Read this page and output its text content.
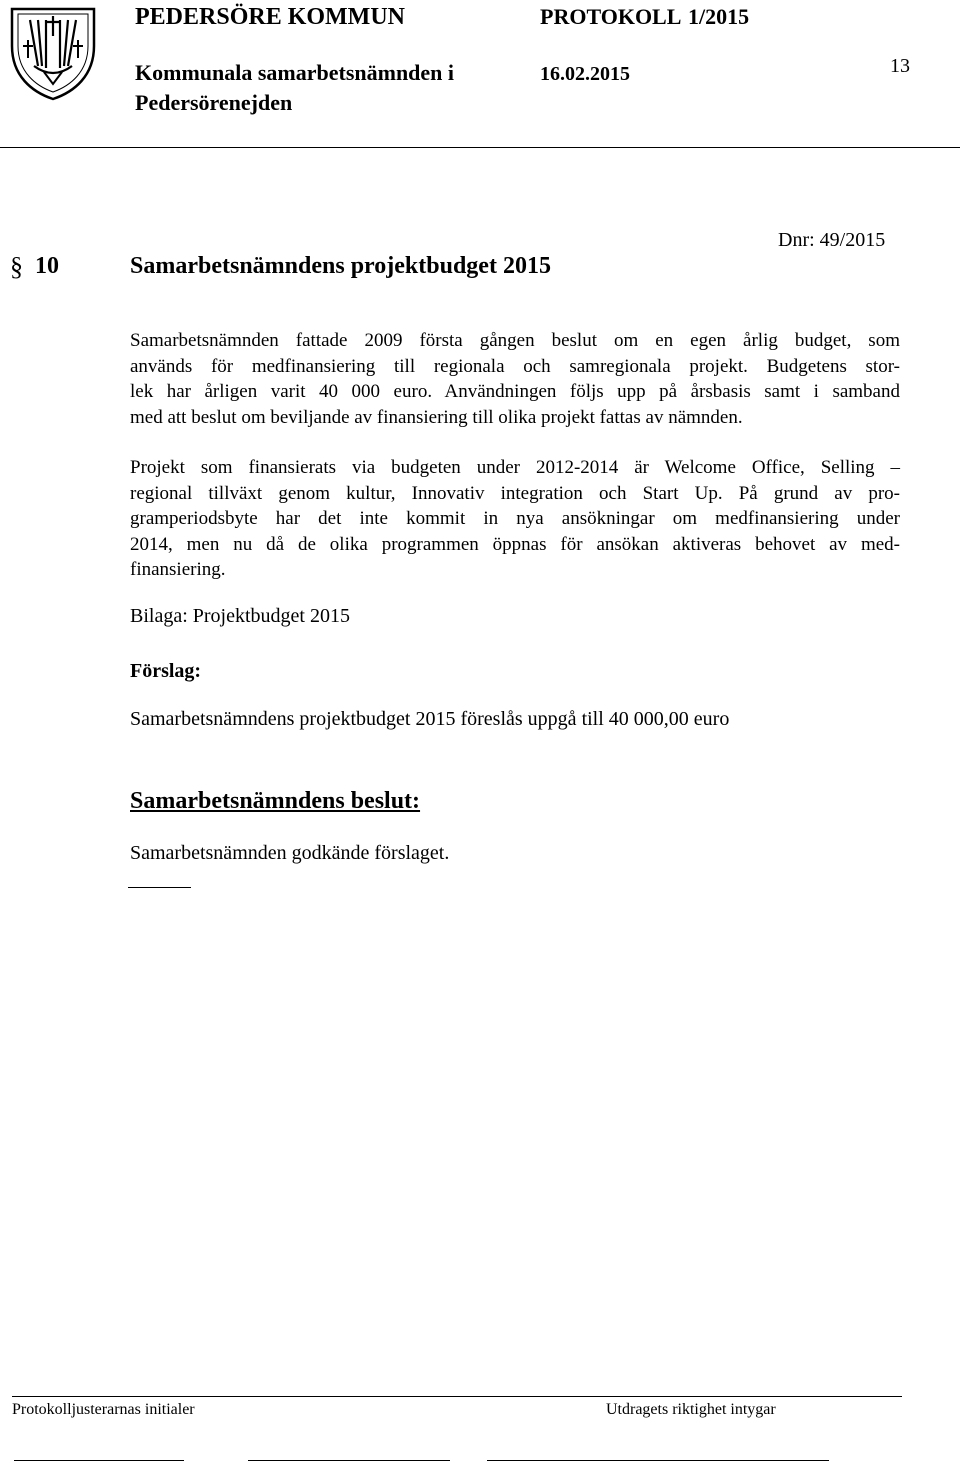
PEDERSÖRE KOMMUN	PROTOKOLL 1/2015
Kommunala samarbetsnämnden i	16.02.2015
Pedersörenejden
13
Dnr: 49/2015
§ 10	Samarbetsnämndens projektbudget 2015
Samarbetsnämnden fattade 2009 första gången beslut om en egen årlig budget, som
används för medfinansiering till regionala och samregionala projekt. Budgetens stor-
lek har årligen varit 40 000 euro. Användningen följs upp på årsbasis samt i samband
med att beslut om beviljande av finansiering till olika projekt fattas av nämnden.
Projekt som finansierats via budgeten under 2012-2014 är Welcome Office, Selling –
regional tillväxt genom kultur, Innovativ integration och Start Up. På grund av pro-
gramperiodsbyte har det inte kommit in nya ansökningar om medfinansiering under
2014, men nu då de olika programmen öppnas för ansökan aktiveras behovet av med-
finansiering.
Bilaga: Projektbudget 2015
Förslag:
Samarbetsnämndens projektbudget 2015 föreslås uppgå till 40 000,00 euro
Samarbetsnämndens beslut:
Samarbetsnämnden godkände förslaget.
Protokolljusterarnas initialer	Utdragets riktighet intygar
